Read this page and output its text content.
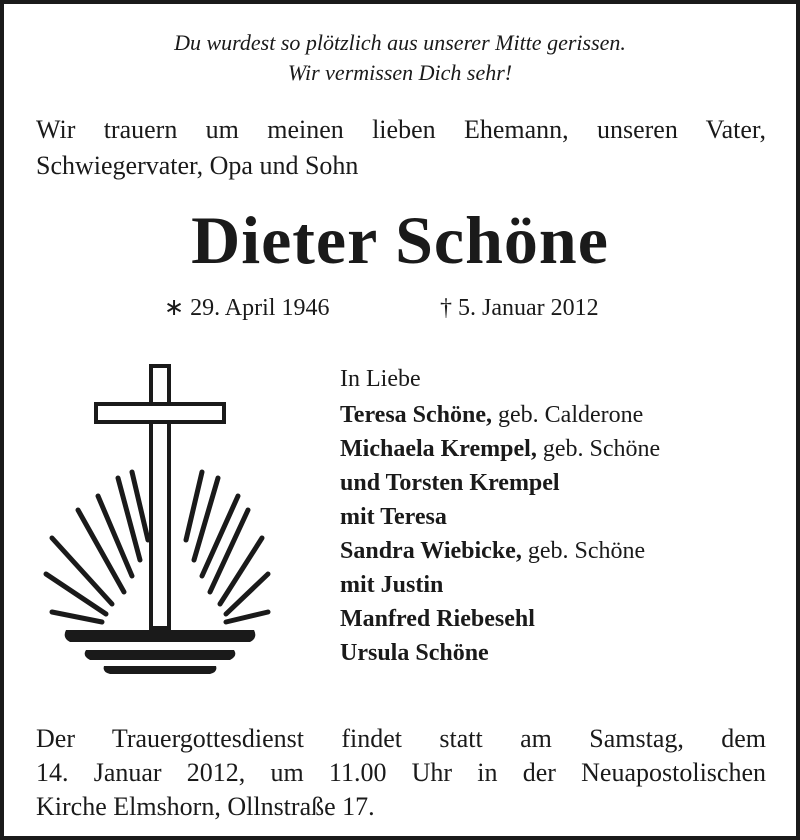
Du wurdest so plötzlich aus unserer Mitte gerissen.
Wir vermissen Dich sehr!
Wir trauern um meinen lieben Ehemann, unseren Vater, Schwiegervater, Opa und Sohn
Dieter Schöne
∗ 29. April 1946	† 5. Januar 2012
In Liebe
Teresa Schöne, geb. Calderone
Michaela Krempel, geb. Schöne
und Torsten Krempel
mit Teresa
Sandra Wiebicke, geb. Schöne
mit Justin
Manfred Riebesehl
Ursula Schöne
Der Trauergottesdienst findet statt am Samstag, dem
14. Januar 2012, um 11.00 Uhr in der Neuapostolischen
Kirche Elmshorn, Ollnstraße 17.
